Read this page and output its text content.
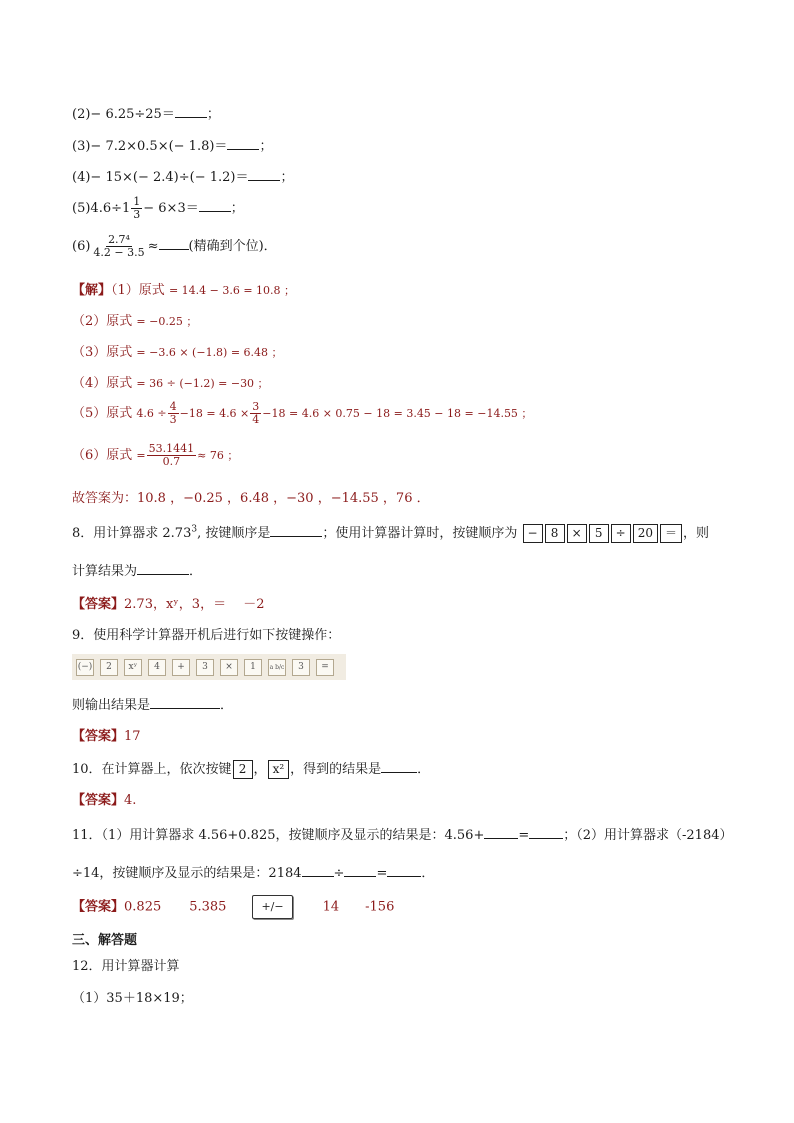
(2)− 6.25÷25＝ ；
(3)− 7.2×0.5×(− 1.8)＝ ；
(4)− 15×(− 2.4)÷(− 1.2)＝ ；
$(5)4.6\div 1 \frac{1}{3} - 6\times 3=$ ；
$(6) \frac{\text{2.7⁴}}{4.2 - 3.5}$ ≈ (精确到个位)．
【解】（1）原式 = 14.4 − 3.6 = 10.8 ；
（2）原式 = −0.25 ；
（3）原式 = −3.6 × (−1.8) = 6.48 ；
（4）原式 = 36 ÷ (−1.2) = −30 ；
（5）原式 $4.6 \div \frac{4}{3} -18 = 4.6 \times \frac{3}{4} -18 = 4.6 \times 0.75 - 18 = 3.45 - 18 = -14.55$ ；
（6）原式 = $\frac{53.1441}{0.7} \approx 76$ ；
故答案为：10.8 ，−0.25 ，6.48 ，−30 ，−14.55 ，76 ．
8．用计算器求 2.73$^3$, 按键顺序是	；使用计算器计算时，按键顺序为 − 8 × 5 ÷ 20 ＝ ，则
计算结果为	．
【答案】2.73，xʸ，3，＝　 －2
9．使用科学计算器开机后进行如下按键操作：
(−)	2	xʸ	4	+	3	×	1	a b/c	3	=
则输出结果是	．
【答案】17
10．在计算器上，依次按键 2 ， x² ，得到的结果是	．
【答案】4.
11．（1）用计算器求 4.56+0.825，按键顺序及显示的结果是：4.56+	=	；（2）用计算器求（-2184）
÷14，按键顺序及显示的结果是：2184 ÷ =	．
【答案】0.825 5.385	+/−	14 -156
三、解答题
12．用计算器计算
（1）35＋18×19；
